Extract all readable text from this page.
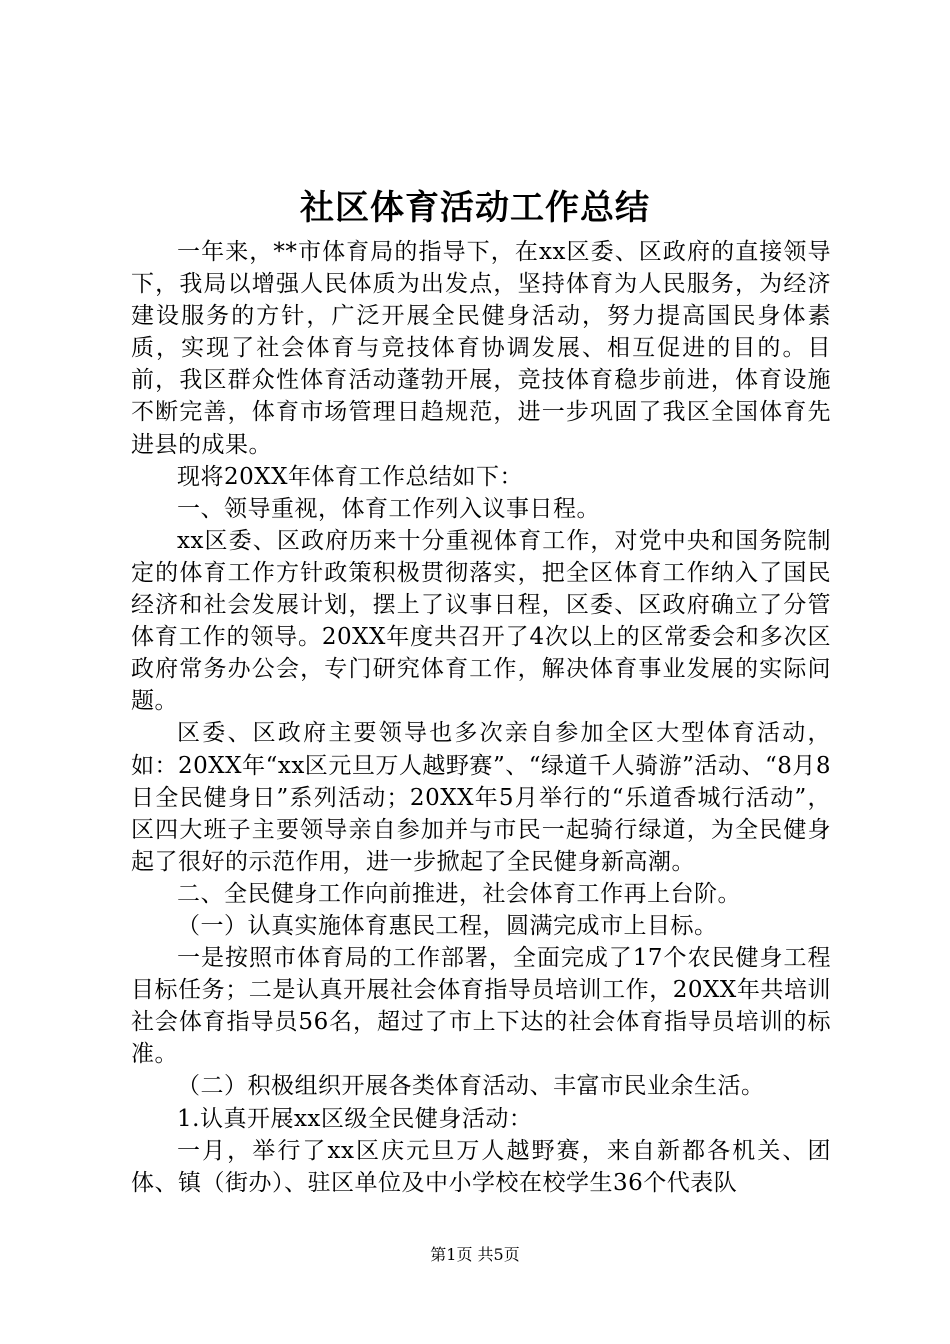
社区体育活动工作总结

一年来，**市体育局的指导下，在xx区委、区政府的直接领导下，我局以增强人民体质为出发点，坚持体育为人民服务，为经济建设服务的方针，广泛开展全民健身活动，努力提高国民身体素质，实现了社会体育与竞技体育协调发展、相互促进的目的。目前，我区群众性体育活动蓬勃开展，竞技体育稳步前进，体育设施不断完善，体育市场管理日趋规范，进一步巩固了我区全国体育先进县的成果。

现将20XX年体育工作总结如下：

一、领导重视，体育工作列入议事日程。

xx区委、区政府历来十分重视体育工作，对党中央和国务院制定的体育工作方针政策积极贯彻落实，把全区体育工作纳入了国民经济和社会发展计划，摆上了议事日程，区委、区政府确立了分管体育工作的领导。20XX年度共召开了4次以上的区常委会和多次区政府常务办公会，专门研究体育工作，解决体育事业发展的实际问题。

区委、区政府主要领导也多次亲自参加全区大型体育活动，如：20XX年“xx区元旦万人越野赛”、“绿道千人骑游”活动、“8月8日全民健身日”系列活动；20XX年5月举行的“乐道香城行活动”，区四大班子主要领导亲自参加并与市民一起骑行绿道，为全民健身起了很好的示范作用，进一步掀起了全民健身新高潮。

二、全民健身工作向前推进，社会体育工作再上台阶。

（一）认真实施体育惠民工程，圆满完成市上目标。

一是按照市体育局的工作部署，全面完成了17个农民健身工程目标任务；二是认真开展社会体育指导员培训工作，20XX年共培训社会体育指导员56名，超过了市上下达的社会体育指导员培训的标准。

（二）积极组织开展各类体育活动、丰富市民业余生活。

1.认真开展xx区级全民健身活动：

一月，举行了xx区庆元旦万人越野赛，来自新都各机关、团体、镇（街办）、驻区单位及中小学校在校学生36个代表队

第1页 共5页
